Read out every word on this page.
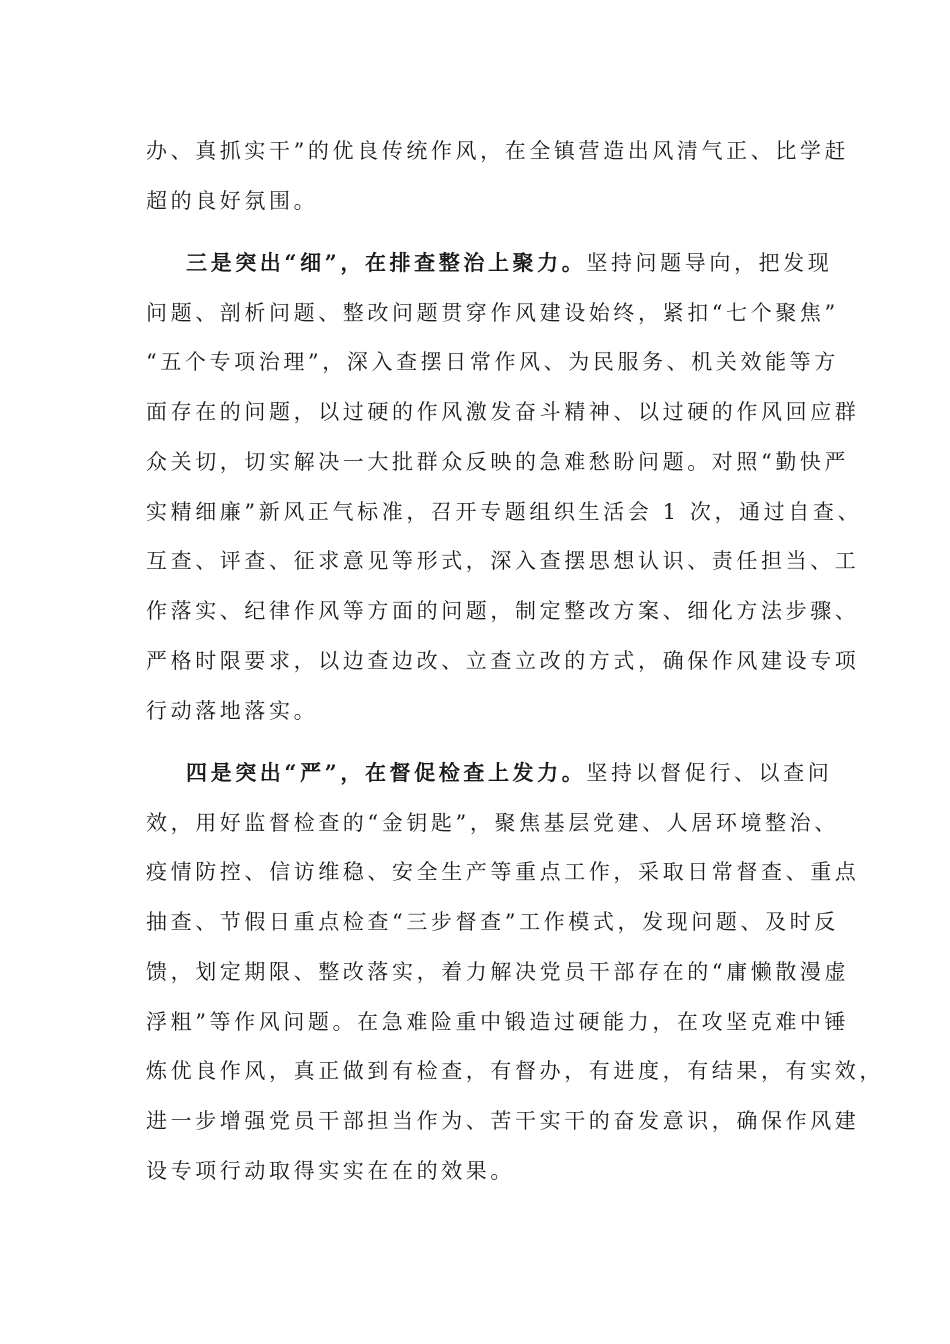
办、真抓实干”的优良传统作风，在全镇营造出风清气正、比学赶
超的良好氛围。
三是突出“细”，在排查整治上聚力。坚持问题导向，把发现
问题、剖析问题、整改问题贯穿作风建设始终，紧扣“七个聚焦”
“五个专项治理”，深入查摆日常作风、为民服务、机关效能等方
面存在的问题，以过硬的作风激发奋斗精神、以过硬的作风回应群
众关切，切实解决一大批群众反映的急难愁盼问题。对照“勤快严
实精细廉”新风正气标准，召开专题组织生活会 1 次，通过自查、
互查、评查、征求意见等形式，深入查摆思想认识、责任担当、工
作落实、纪律作风等方面的问题，制定整改方案、细化方法步骤、
严格时限要求，以边查边改、立查立改的方式，确保作风建设专项
行动落地落实。
四是突出“严”，在督促检查上发力。坚持以督促行、以查问
效，用好监督检查的“金钥匙”，聚焦基层党建、人居环境整治、
疫情防控、信访维稳、安全生产等重点工作，采取日常督查、重点
抽查、节假日重点检查“三步督查”工作模式，发现问题、及时反
馈，划定期限、整改落实，着力解决党员干部存在的“庸懒散漫虚
浮粗”等作风问题。在急难险重中锻造过硬能力，在攻坚克难中锤
炼优良作风，真正做到有检查，有督办，有进度，有结果，有实效，
进一步增强党员干部担当作为、苦干实干的奋发意识，确保作风建
设专项行动取得实实在在的效果。
